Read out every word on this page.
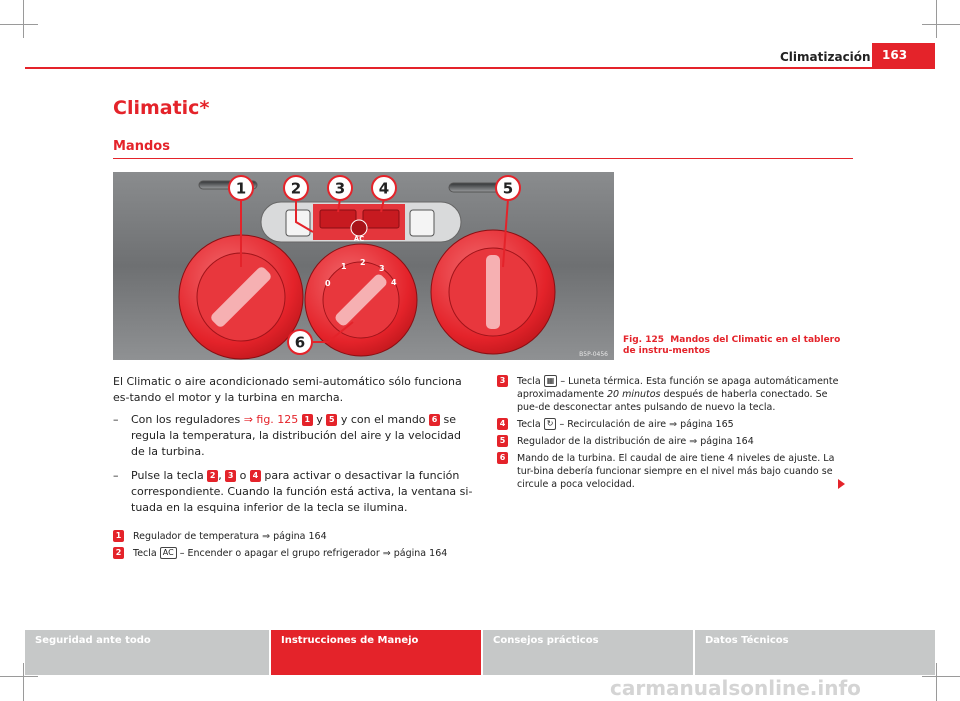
Climatización 163
Climatic*
Mandos
AC
0
1 2
3
4
1	2 3 4	5
6
B5P-0456
Fig. 125 Mandos del Climatic en el tablero de instru-mentos
El Climatic o aire acondicionado semi-automático sólo funciona es-tando el motor y la turbina en marcha.
– Con los reguladores ⇒ fig. 125 1 y 5 y con el mando 6 se regula la temperatura, la distribución del aire y la velocidad de la turbina.
– Pulse la tecla 2 , 3 o 4 para activar o desactivar la función correspondiente. Cuando la función está activa, la ventana si-tuada en la esquina inferior de la tecla se ilumina.
1 Regulador de temperatura ⇒ página 164
2 Tecla AC – Encender o apagar el grupo refrigerador ⇒ página 164
3 Tecla ▦ – Luneta térmica. Esta función se apaga automáticamente aproximadamente 20 minutos después de haberla conectado. Se pue-de desconectar antes pulsando de nuevo la tecla.
4 Tecla ↻ – Recirculación de aire ⇒ página 165
5 Regulador de la distribución de aire ⇒ página 164
6 Mando de la turbina. El caudal de aire tiene 4 niveles de ajuste. La tur-bina debería funcionar siempre en el nivel más bajo cuando se circule a poca velocidad.
Seguridad ante todo	Instrucciones de Manejo	Consejos prácticos	Datos Técnicos
carmanualsonline.info
